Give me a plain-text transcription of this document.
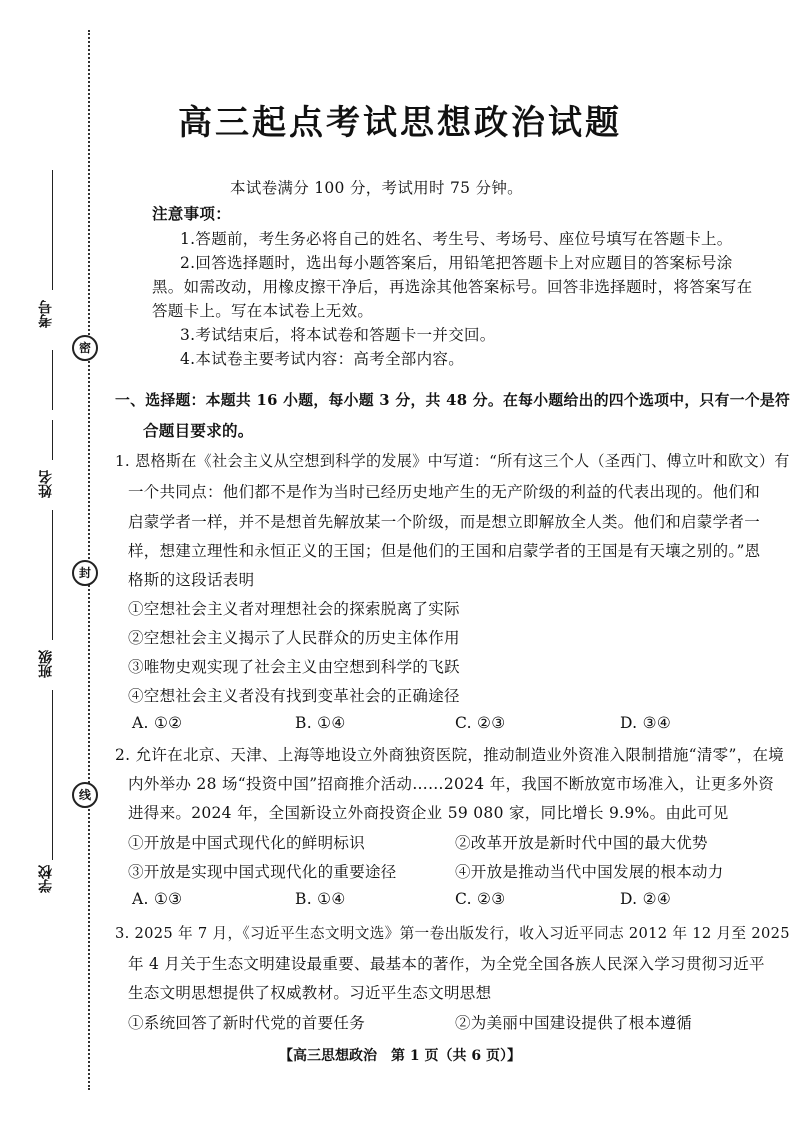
考号
密
姓名
封
班级
线
学校
高三起点考试思想政治试题
本试卷满分 100 分，考试用时 75 分钟。
注意事项：
1.答题前，考生务必将自己的姓名、考生号、考场号、座位号填写在答题卡上。
2.回答选择题时，选出每小题答案后，用铅笔把答题卡上对应题目的答案标号涂
黑。如需改动，用橡皮擦干净后，再选涂其他答案标号。回答非选择题时，将答案写在
答题卡上。写在本试卷上无效。
3.考试结束后，将本试卷和答题卡一并交回。
4.本试卷主要考试内容：高考全部内容。
一、选择题：本题共 16 小题，每小题 3 分，共 48 分。在每小题给出的四个选项中，只有一个是符
合题目要求的。
1. 恩格斯在《社会主义从空想到科学的发展》中写道：“所有这三个人（圣西门、傅立叶和欧文）有
一个共同点：他们都不是作为当时已经历史地产生的无产阶级的利益的代表出现的。他们和
启蒙学者一样，并不是想首先解放某一个阶级，而是想立即解放全人类。他们和启蒙学者一
样，想建立理性和永恒正义的王国；但是他们的王国和启蒙学者的王国是有天壤之别的。”恩
格斯的这段话表明
①空想社会主义者对理想社会的探索脱离了实际
②空想社会主义揭示了人民群众的历史主体作用
③唯物史观实现了社会主义由空想到科学的飞跃
④空想社会主义者没有找到变革社会的正确途径
A. ①②	B. ①④	C. ②③	D. ③④
2. 允许在北京、天津、上海等地设立外商独资医院，推动制造业外资准入限制措施“清零”，在境
内外举办 28 场“投资中国”招商推介活动……2024 年，我国不断放宽市场准入，让更多外资
进得来。2024 年，全国新设立外商投资企业 59 080 家，同比增长 9.9%。由此可见
①开放是中国式现代化的鲜明标识	②改革开放是新时代中国的最大优势
③开放是实现中国式现代化的重要途径	④开放是推动当代中国发展的根本动力
A. ①③	B. ①④	C. ②③	D. ②④
3. 2025 年 7 月，《习近平生态文明文选》第一卷出版发行，收入习近平同志 2012 年 12 月至 2025
年 4 月关于生态文明建设最重要、最基本的著作，为全党全国各族人民深入学习贯彻习近平
生态文明思想提供了权威教材。习近平生态文明思想
①系统回答了新时代党的首要任务	②为美丽中国建设提供了根本遵循
【高三思想政治　第 1 页（共 6 页）】
